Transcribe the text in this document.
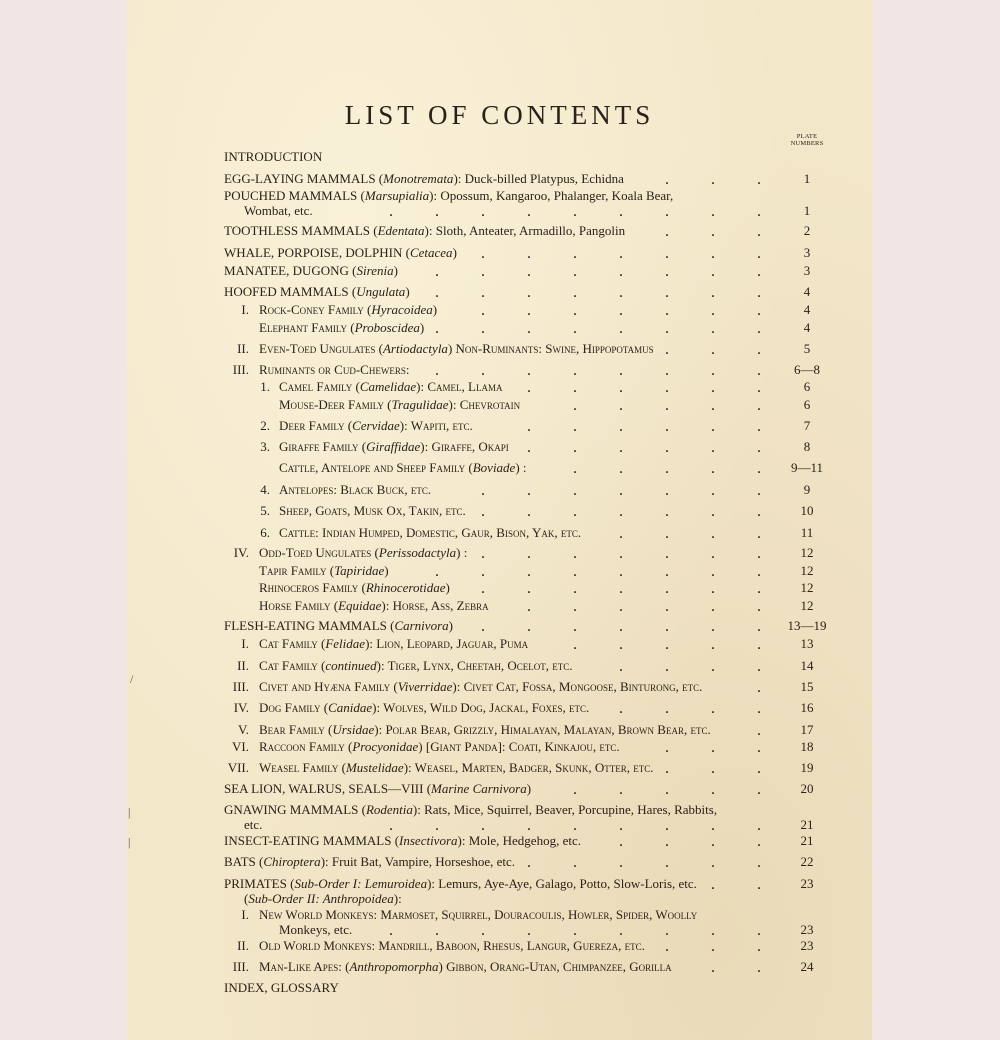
LIST OF CONTENTS
PLATE
NUMBERS
INTRODUCTION
EGG-LAYING MAMMALS (Monotremata): Duck-billed Platypus, Echidna	.	.	.	1
POUCHED MAMMALS (Marsupialia): Opossum, Kangaroo, Phalanger, Koala Bear,
Wombat, etc.	.	.	.	.	.	.	.	.	.	1
TOOTHLESS MAMMALS (Edentata): Sloth, Anteater, Armadillo, Pangolin .	.	.	2
WHALE, PORPOISE, DOLPHIN (Cetacea) .	.	.	.	.	.	.	3
MANATEE, DUGONG (Sirenia) .	.	.	.	.	.	.	.	3
HOOFED MAMMALS (Ungulata) .	.	.	.	.	.	.	.	4
I. Rock-Coney Family (Hyracoidea)	.	.	.	.	.	.	.	4
Elephant Family (Proboscidea) .	.	.	.	.	.	.	.	4
II. Even-Toed Ungulates (Artiodactyla) Non-Ruminants: Swine, Hippopotamus .	.	.	5
III. Ruminants or Cud-Chewers: .	.	.	.	.	.	.	.	6—8
1. Camel Family (Camelidae): Camel, Llama .	.	.	.	.	.	6
Mouse-Deer Family (Tragulidae): Chevrotain	.	.	.	.	.	6
2. Deer Family (Cervidae): Wapiti, etc.	.	.	.	.	.	.	7
3. Giraffe Family (Giraffidae): Giraffe, Okapi .	.	.	.	.	.	8
Cattle, Antelope and Sheep Family (Boviade) :	.	.	.	.	.	9—11
4. Antelopes: Black Buck, etc.	.	.	.	.	.	.	.	9
5. Sheep, Goats, Musk Ox, Takin, etc. .	.	.	.	.	.	.	10
6. Cattle: Indian Humped, Domestic, Gaur, Bison, Yak, etc. .	.	.	.	11
IV. Odd-Toed Ungulates (Perissodactyla) : .	.	.	.	.	.	.	12
Tapir Family (Tapiridae)	.	.	.	.	.	.	.	.	12
Rhinoceros Family (Rhinocerotidae) .	.	.	.	.	.	.	12
Horse Family (Equidae): Horse, Ass, Zebra .	.	.	.	.	.	12
FLESH-EATING MAMMALS (Carnivora) .	.	.	.	.	.	.	13—19
I. Cat Family (Felidae): Lion, Leopard, Jaguar, Puma	.	.	.	.	.	13
II. Cat Family (continued): Tiger, Lynx, Cheetah, Ocelot, etc.	.	.	.	.	14
III. Civet and Hyæna Family (Viverridae): Civet Cat, Fossa, Mongoose, Binturong, etc.	.	15
IV. Dog Family (Canidae): Wolves, Wild Dog, Jackal, Foxes, etc. .	.	.	.	16
V. Bear Family (Ursidae): Polar Bear, Grizzly, Himalayan, Malayan, Brown Bear, etc.	.	17
VI. Raccoon Family (Procyonidae) [Giant Panda]: Coati, Kinkajou, etc.	.	.	.	18
VII. Weasel Family (Mustelidae): Weasel, Marten, Badger, Skunk, Otter, etc. .	.	.	19
SEA LION, WALRUS, SEALS—VIII (Marine Carnivora)	.	.	.	.	.	20
GNAWING MAMMALS (Rodentia): Rats, Mice, Squirrel, Beaver, Porcupine, Hares, Rabbits,
etc.	.	.	.	.	.	.	.	.	.	21
INSECT-EATING MAMMALS (Insectivora): Mole, Hedgehog, etc. .	.	.	.	21
BATS (Chiroptera): Fruit Bat, Vampire, Horseshoe, etc. .	.	.	.	.	.	22
PRIMATES (Sub-Order I: Lemuroidea): Lemurs, Aye-Aye, Galago, Potto, Slow-Loris, etc.
(Sub-Order II: Anthropoidea):
.	.	23
I. New World Monkeys: Marmoset, Squirrel, Douracoulis, Howler, Spider, Woolly
Monkeys, etc. .	.	.	.	.	.	.	.	.	23
II. Old World Monkeys: Mandrill, Baboon, Rhesus, Langur, Guereza, etc. .	.	.	23
III. Man-Like Apes: (Anthropomorpha) Gibbon, Orang-Utan, Chimpanzee, Gorilla .	.	24
INDEX, GLOSSARY
/
|
|
